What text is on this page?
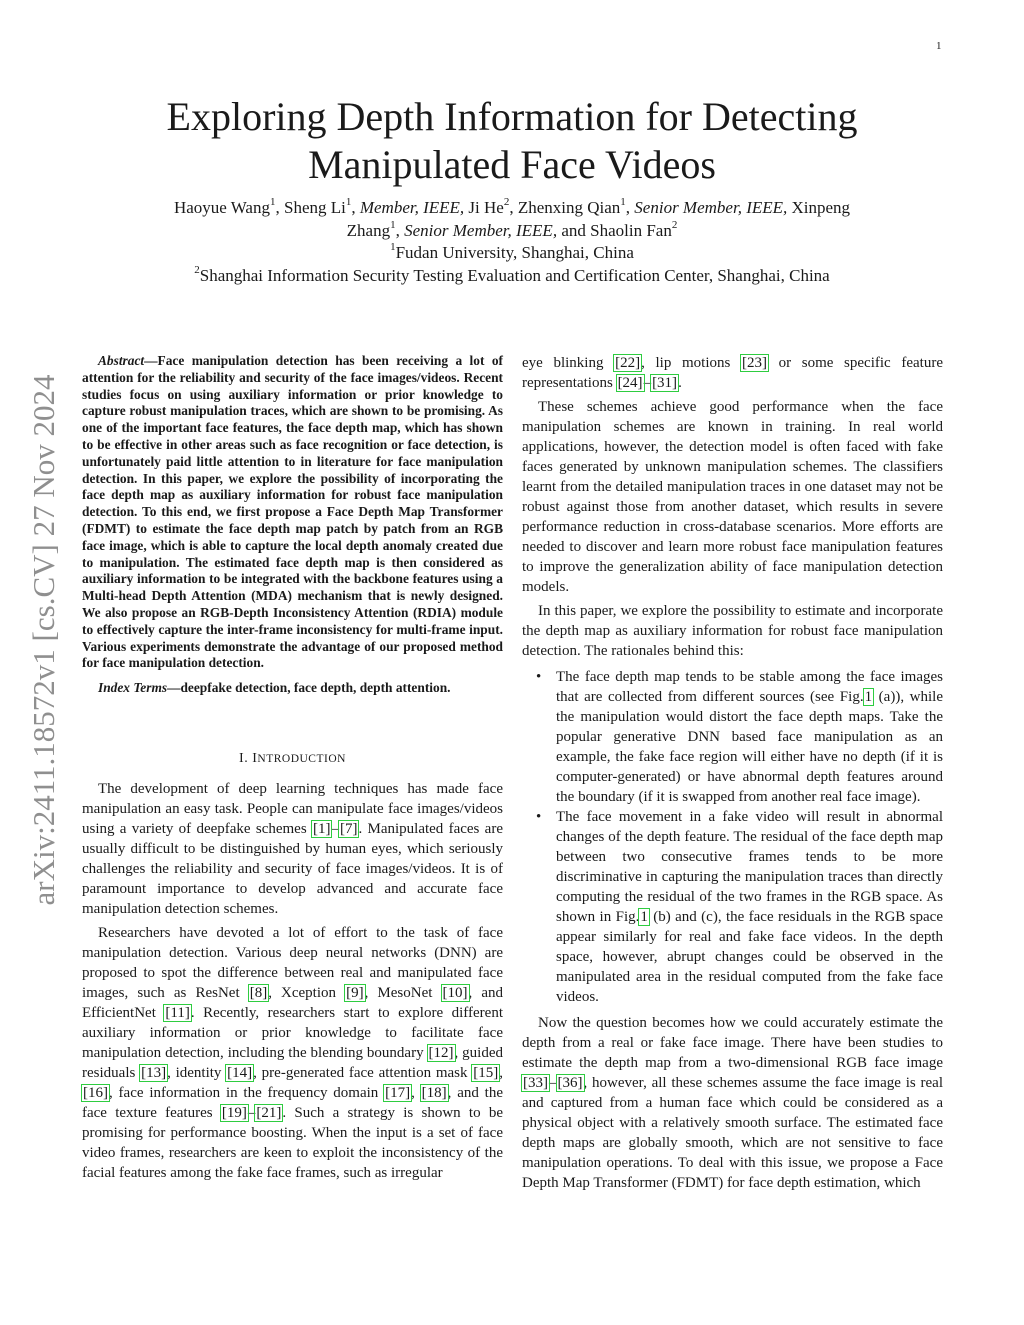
1
arXiv:2411.18572v1 [cs.CV] 27 Nov 2024
Exploring Depth Information for Detecting
Manipulated Face Videos
Haoyue Wang$^1$, Sheng Li$^1$, Member, IEEE, Ji He$^2$, Zhenxing Qian$^1$, Senior Member, IEEE, Xinpeng
Zhang$^1$, Senior Member, IEEE, and Shaolin Fan$^2$
$^1$Fudan University, Shanghai, China
$^2$Shanghai Information Security Testing Evaluation and Certification Center, Shanghai, China

Abstract—Face manipulation detection has been receiving a lot of attention for the reliability and security of the face images/videos. Recent studies focus on using auxiliary information or prior knowledge to capture robust manipulation traces, which are shown to be promising. As one of the important face features, the face depth map, which has shown to be effective in other areas such as face recognition or face detection, is unfortunately paid little attention to in literature for face manipulation detection. In this paper, we explore the possibility of incorporating the face depth map as auxiliary information for robust face manipulation detection. To this end, we first propose a Face Depth Map Transformer (FDMT) to estimate the face depth map patch by patch from an RGB face image, which is able to capture the local depth anomaly created due to manipulation. The estimated face depth map is then considered as auxiliary information to be integrated with the backbone features using a Multi-head Depth Attention (MDA) mechanism that is newly designed. We also propose an RGB-Depth Inconsistency Attention (RDIA) module to effectively capture the inter-frame inconsistency for multi-frame input. Various experiments demonstrate the advantage of our proposed method for face manipulation detection.

Index Terms—deepfake detection, face depth, depth attention.

I. INTRODUCTION

The development of deep learning techniques has made face manipulation an easy task. People can manipulate face images/videos using a variety of deepfake schemes [1]–[7]. Manipulated faces are usually difficult to be distinguished by human eyes, which seriously challenges the reliability and security of face images/videos. It is of paramount importance to develop advanced and accurate face manipulation detection schemes.

Researchers have devoted a lot of effort to the task of face manipulation detection. Various deep neural networks (DNN) are proposed to spot the difference between real and manipulated face images, such as ResNet [8], Xception [9], MesoNet [10], and EfficientNet [11]. Recently, researchers start to explore different auxiliary information or prior knowledge to facilitate face manipulation detection, including the blending boundary [12], guided residuals [13], identity [14], pre-generated face attention mask [15], [16], face information in the frequency domain [17], [18], and the face texture features [19]–[21]. Such a strategy is shown to be promising for performance boosting. When the input is a set of face video frames, researchers are keen to exploit the inconsistency of the facial features among the fake face frames, such as irregular

eye blinking [22], lip motions [23] or some specific feature representations [24]–[31].

These schemes achieve good performance when the face manipulation schemes are known in training. In real world applications, however, the detection model is often faced with fake faces generated by unknown manipulation schemes. The classifiers learnt from the detailed manipulation traces in one dataset may not be robust against those from another dataset, which results in severe performance reduction in cross-database scenarios. More efforts are needed to discover and learn more robust face manipulation features to improve the generalization ability of face manipulation detection models.

In this paper, we explore the possibility to estimate and incorporate the depth map as auxiliary information for robust face manipulation detection. The rationales behind this:

• The face depth map tends to be stable among the face images that are collected from different sources (see Fig.1 (a)), while the manipulation would distort the face depth maps. Take the popular generative DNN based face manipulation as an example, the fake face region will either have no depth (if it is computer-generated) or have abnormal depth features around the boundary (if it is swapped from another real face image).
• The face movement in a fake video will result in abnormal changes of the depth feature. The residual of the face depth map between two consecutive frames tends to be more discriminative in capturing the manipulation traces than directly computing the residual of the two frames in the RGB space. As shown in Fig.1 (b) and (c), the face residuals in the RGB space appear similarly for real and fake face videos. In the depth space, however, abrupt changes could be observed in the manipulated area in the residual computed from the fake face videos.

Now the question becomes how we could accurately estimate the depth from a real or fake face image. There have been studies to estimate the depth map from a two-dimensional RGB face image [33]–[36], however, all these schemes assume the face image is real and captured from a human face which could be considered as a physical object with a relatively smooth surface. The estimated face depth maps are globally smooth, which are not sensitive to face manipulation operations. To deal with this issue, we propose a Face Depth Map Transformer (FDMT) for face depth estimation, which
